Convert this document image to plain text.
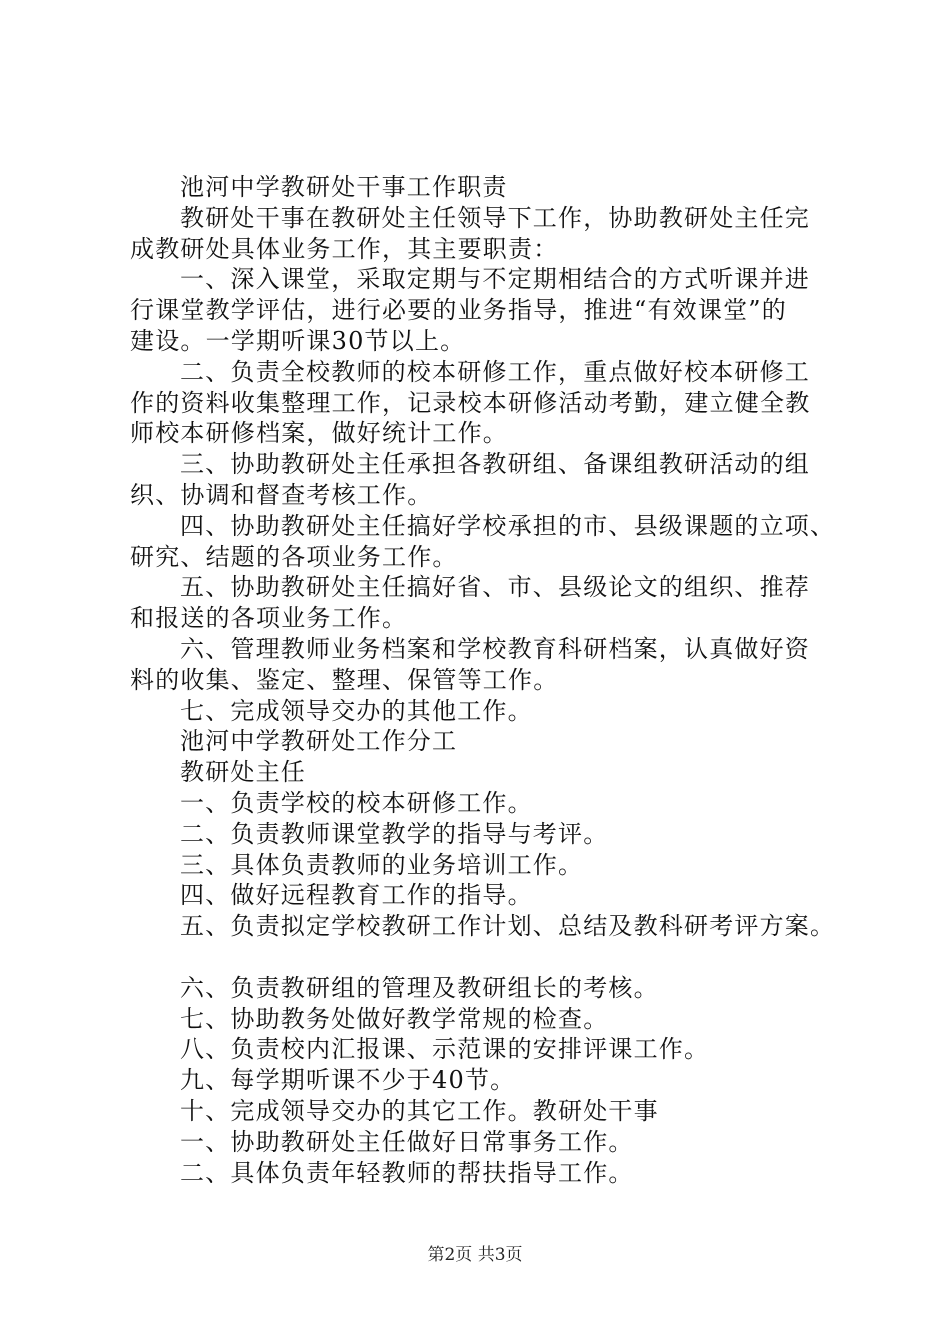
池河中学教研处干事工作职责
教研处干事在教研处主任领导下工作，协助教研处主任完
成教研处具体业务工作，其主要职责：
一、深入课堂，采取定期与不定期相结合的方式听课并进
行课堂教学评估，进行必要的业务指导，推进“有效课堂”的
建设。一学期听课30节以上。
二、负责全校教师的校本研修工作，重点做好校本研修工
作的资料收集整理工作，记录校本研修活动考勤，建立健全教
师校本研修档案，做好统计工作。
三、协助教研处主任承担各教研组、备课组教研活动的组
织、协调和督查考核工作。
四、协助教研处主任搞好学校承担的市、县级课题的立项、
研究、结题的各项业务工作。
五、协助教研处主任搞好省、市、县级论文的组织、推荐
和报送的各项业务工作。
六、管理教师业务档案和学校教育科研档案，认真做好资
料的收集、鉴定、整理、保管等工作。
七、完成领导交办的其他工作。
池河中学教研处工作分工
教研处主任
一、负责学校的校本研修工作。
二、负责教师课堂教学的指导与考评。
三、具体负责教师的业务培训工作。
四、做好远程教育工作的指导。
五、负责拟定学校教研工作计划、总结及教科研考评方案。
六、负责教研组的管理及教研组长的考核。
七、协助教务处做好教学常规的检查。
八、负责校内汇报课、示范课的安排评课工作。
九、每学期听课不少于40节。
十、完成领导交办的其它工作。教研处干事
一、协助教研处主任做好日常事务工作。
二、具体负责年轻教师的帮扶指导工作。
第2页 共3页
